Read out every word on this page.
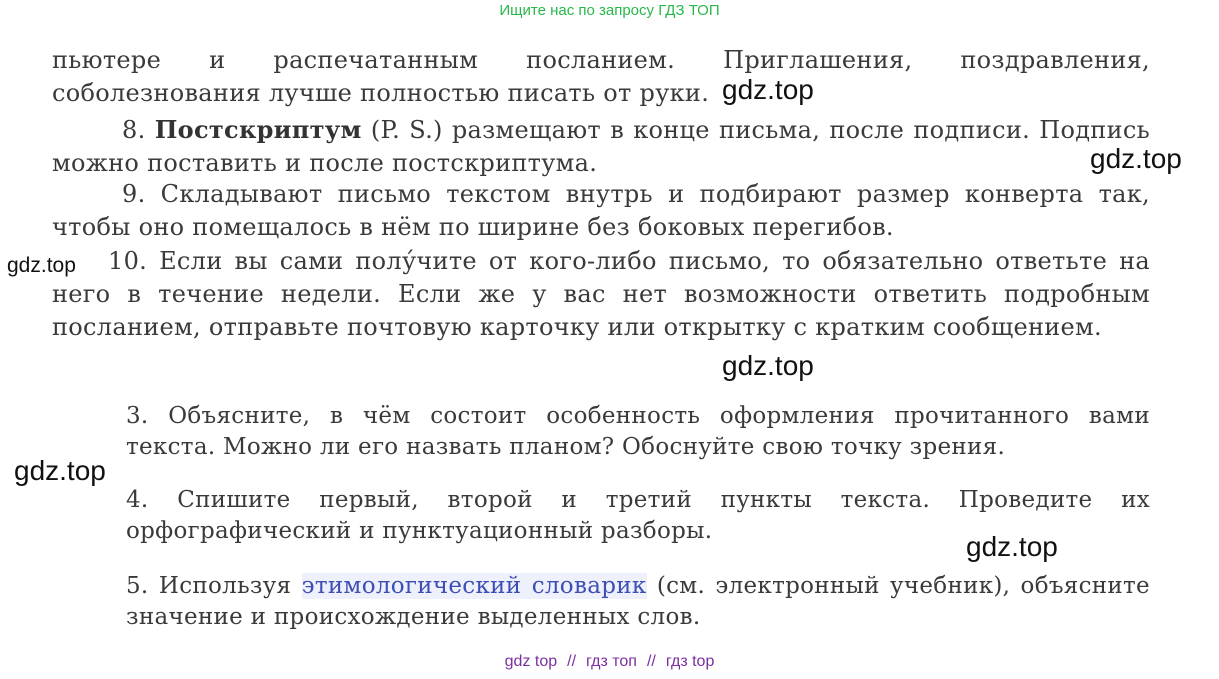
Ищите нас по запросу ГДЗ ТОП

пьютере и распечатанным посланием. Приглашения, поздравления, соболезнования лучше полностью писать от руки.

8. Постскриптум (P. S.) размещают в конце письма, после подписи. Подпись можно поставить и после постскриптума.

9. Складывают письмо текстом внутрь и подбирают размер конверта так, чтобы оно помещалось в нём по ширине без боковых перегибов.

10. Если вы сами полу́чите от кого-либо письмо, то обязательно ответьте на него в течение недели. Если же у вас нет возможности ответить подробным посланием, отправьте почтовую карточку или открытку с кратким сообщением.

3. Объясните, в чём состоит особенность оформления прочитанного вами текста. Можно ли его назвать планом? Обоснуйте свою точку зрения.

4. Спишите первый, второй и третий пункты текста. Проведите их орфографический и пунктуационный разборы.

5. Используя этимологический словарик (см. электронный учебник), объясните значение и происхождение выделенных слов.

gdz.top
gdz.top
gdz.top
gdz.top
gdz.top
gdz.top
gdz top // гдз топ // гдз top
